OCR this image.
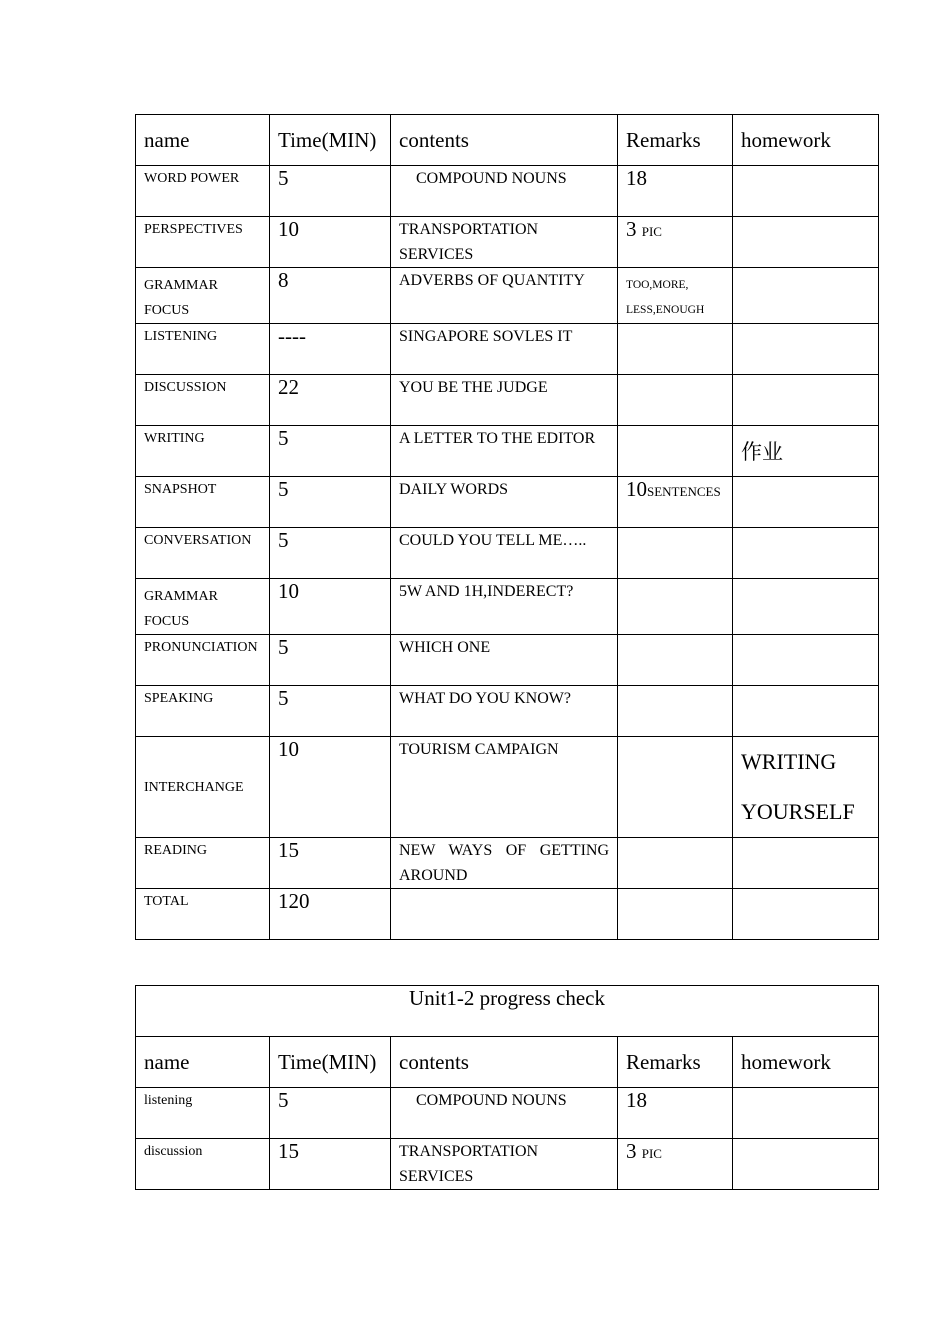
name	Time(MIN)	contents	Remarks	homework
WORD POWER	5	COMPOUND NOUNS	18	
PERSPECTIVES	10	TRANSPORTATION SERVICES	3 PIC	
GRAMMAR FOCUS	8	ADVERBS OF QUANTITY	TOO,MORE, LESS,ENOUGH	
LISTENING	----	SINGAPORE SOVLES IT		
DISCUSSION	22	YOU BE THE JUDGE		
WRITING	5	A LETTER TO THE EDITOR		作业
SNAPSHOT	5	DAILY WORDS	10SENTENCES	
CONVERSATION	5	COULD YOU TELL ME…..		
GRAMMAR FOCUS	10	5W AND 1H,INDERECT?		
PRONUNCIATION	5	WHICH ONE		
SPEAKING	5	WHAT DO YOU KNOW?		
INTERCHANGE	10	TOURISM CAMPAIGN		WRITING YOURSELF
READING	15	NEW WAYS OF GETTING
AROUND		

TOTAL	120			
Unit1-2 progress check				
name	Time(MIN)	contents	Remarks	homework
listening	5	COMPOUND NOUNS	18	
discussion	15	TRANSPORTATION SERVICES	3 PIC	
